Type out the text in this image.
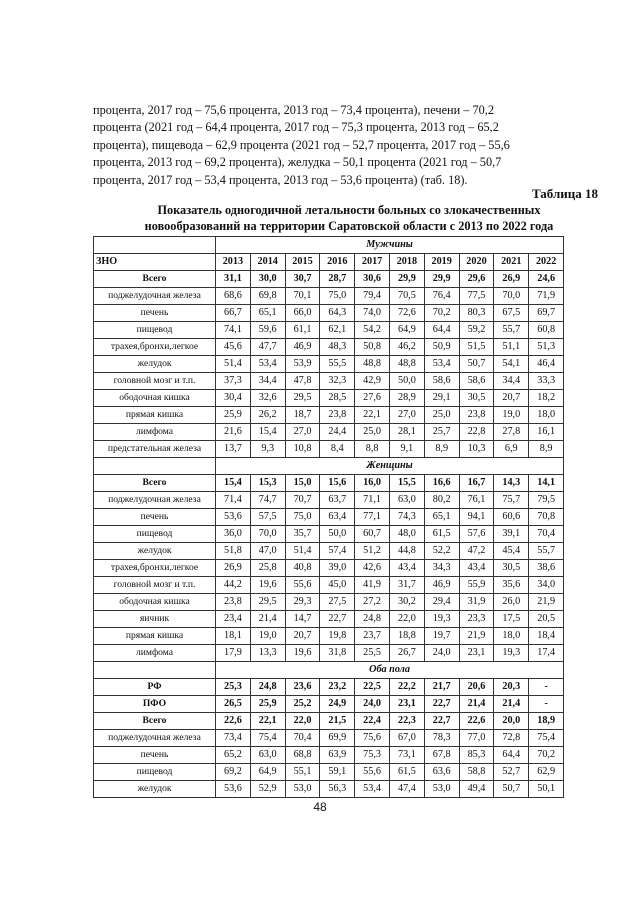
процента, 2017 год – 75,6 процента, 2013 год – 73,4 процента), печени – 70,2

процента (2021 год – 64,4 процента, 2017 год – 75,3 процента, 2013 год – 65,2

процента), пищевода – 62,9 процента (2021 год – 52,7 процента, 2017 год – 55,6

процента, 2013 год – 69,2 процента), желудка – 50,1 процента (2021 год – 50,7

процента, 2017 год – 53,4 процента, 2013 год – 53,6 процента) (таб. 18).

Таблица 18
Показатель одногодичной летальности больных со злокачественных
новообразований на территории Саратовской области с 2013 по 2022 года
	Мужчины									
ЗНО	2013	2014	2015	2016	2017	2018	2019	2020	2021	2022
Всего	31,1	30,0	30,7	28,7	30,6	29,9	29,9	29,6	26,9	24,6
поджелудочная железа	68,6	69,8	70,1	75,0	79,4	70,5	76,4	77,5	70,0	71,9
печень	66,7	65,1	66,0	64,3	74,0	72,6	70,2	80,3	67,5	69,7
пищевод	74,1	59,6	61,1	62,1	54,2	64,9	64,4	59,2	55,7	60,8
трахея,бронхи,легкое	45,6	47,7	46,9	48,3	50,8	46,2	50,9	51,5	51,1	51,3
желудок	51,4	53,4	53,9	55,5	48,8	48,8	53,4	50,7	54,1	46,4
головной мозг и т.п.	37,3	34,4	47,8	32,3	42,9	50,0	58,6	58,6	34,4	33,3
ободочная кишка	30,4	32,6	29,5	28,5	27,6	28,9	29,1	30,5	20,7	18,2
прямая кишка	25,9	26,2	18,7	23,8	22,1	27,0	25,0	23,8	19,0	18,0
лимфома	21,6	15,4	27,0	24,4	25,0	28,1	25,7	22,8	27,8	16,1
предстательная железа	13,7	9,3	10,8	8,4	8,8	9,1	8,9	10,3	6,9	8,9
	Женщины									
Всего	15,4	15,3	15,0	15,6	16,0	15,5	16,6	16,7	14,3	14,1
поджелудочная железа	71,4	74,7	70,7	63,7	71,1	63,0	80,2	76,1	75,7	79,5
печень	53,6	57,5	75,0	63,4	77,1	74,3	65,1	94,1	60,6	70,8
пищевод	36,0	70,0	35,7	50,0	60,7	48,0	61,5	57,6	39,1	70,4
желудок	51,8	47,0	51,4	57,4	51,2	44,8	52,2	47,2	45,4	55,7
трахея,бронхи,легкое	26,9	25,8	40,8	39,0	42,6	43,4	34,3	43,4	30,5	38,6
головной мозг и т.п.	44,2	19,6	55,6	45,0	41,9	31,7	46,9	55,9	35,6	34,0
ободочная кишка	23,8	29,5	29,3	27,5	27,2	30,2	29,4	31,9	26,0	21,9
яичник	23,4	21,4	14,7	22,7	24,8	22,0	19,3	23,3	17,5	20,5
прямая кишка	18,1	19,0	20,7	19,8	23,7	18,8	19,7	21,9	18,0	18,4
лимфома	17,9	13,3	19,6	31,8	25,5	26,7	24,0	23,1	19,3	17,4
	Оба пола									
РФ	25,3	24,8	23,6	23,2	22,5	22,2	21,7	20,6	20,3	-
ПФО	26,5	25,9	25,2	24,9	24,0	23,1	22,7	21,4	21,4	-
Всего	22,6	22,1	22,0	21,5	22,4	22,3	22,7	22,6	20,0	18,9
поджелудочная железа	73,4	75,4	70,4	69,9	75,6	67,0	78,3	77,0	72,8	75,4
печень	65,2	63,0	68,8	63,9	75,3	73,1	67,8	85,3	64,4	70,2
пищевод	69,2	64,9	55,1	59,1	55,6	61,5	63,6	58,8	52,7	62,9
желудок	53,6	52,9	53,0	56,3	53,4	47,4	53,0	49,4	50,7	50,1
48
